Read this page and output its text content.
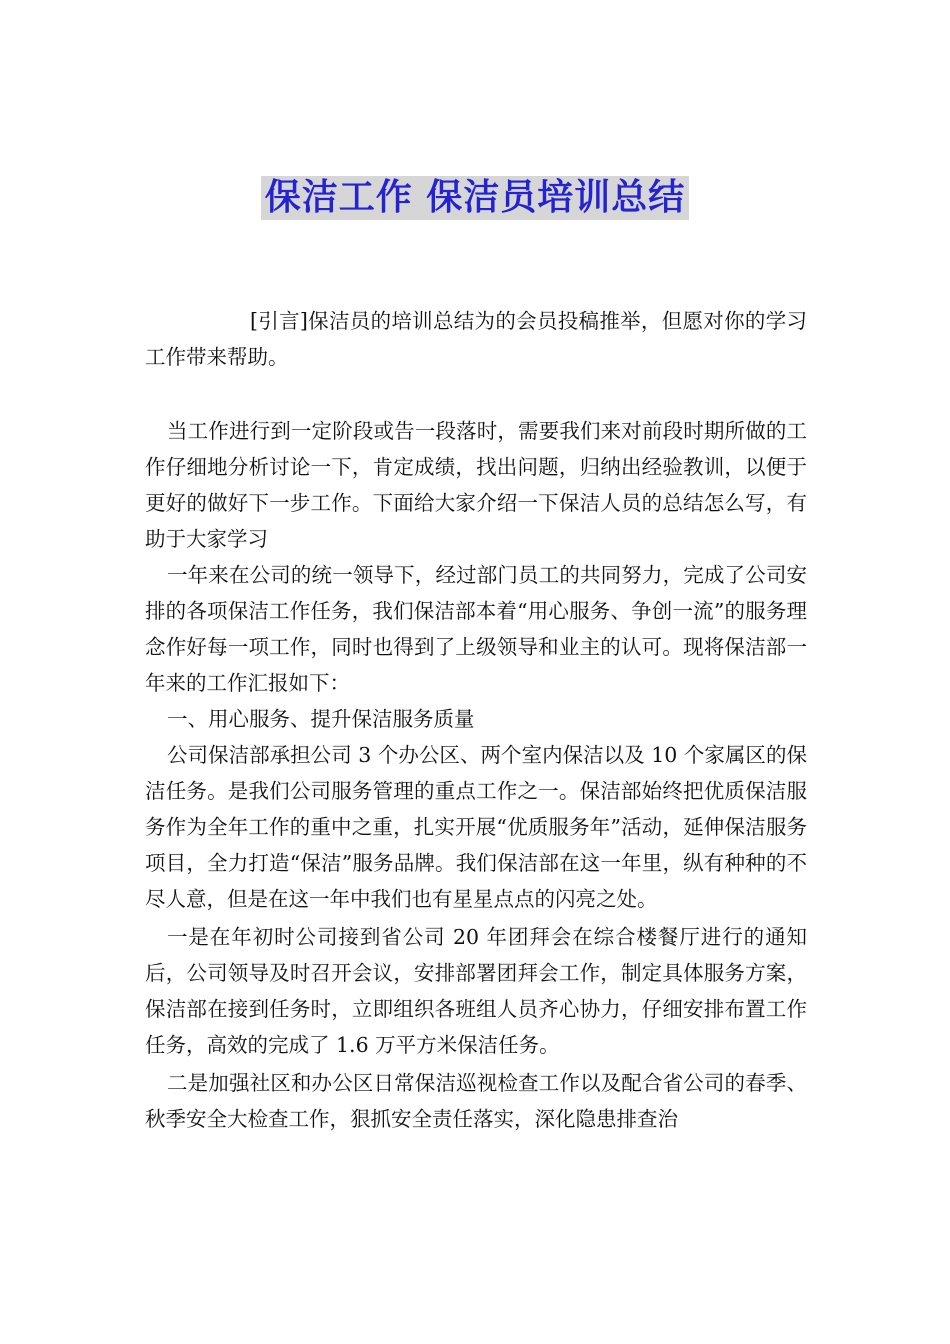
保洁工作 保洁员培训总结

[引言]保洁员的培训总结为的会员投稿推举，但愿对你的学习工作带来帮助。

当工作进行到一定阶段或告一段落时，需要我们来对前段时期所做的工作仔细地分析讨论一下，肯定成绩，找出问题，归纳出经验教训，以便于更好的做好下一步工作。下面给大家介绍一下保洁人员的总结怎么写，有助于大家学习

一年来在公司的统一领导下，经过部门员工的共同努力，完成了公司安排的各项保洁工作任务，我们保洁部本着“用心服务、争创一流”的服务理念作好每一项工作，同时也得到了上级领导和业主的认可。现将保洁部一年来的工作汇报如下：

一、用心服务、提升保洁服务质量

公司保洁部承担公司 3 个办公区、两个室内保洁以及 10 个家属区的保洁任务。是我们公司服务管理的重点工作之一。保洁部始终把优质保洁服务作为全年工作的重中之重，扎实开展“优质服务年”活动，延伸保洁服务项目，全力打造“保洁”服务品牌。我们保洁部在这一年里，纵有种种的不尽人意，但是在这一年中我们也有星星点点的闪亮之处。

一是在年初时公司接到省公司 20 年团拜会在综合楼餐厅进行的通知后，公司领导及时召开会议，安排部署团拜会工作，制定具体服务方案，保洁部在接到任务时，立即组织各班组人员齐心协力，仔细安排布置工作任务，高效的完成了 1.6 万平方米保洁任务。

二是加强社区和办公区日常保洁巡视检查工作以及配合省公司的春季、秋季安全大检查工作，狠抓安全责任落实，深化隐患排查治
